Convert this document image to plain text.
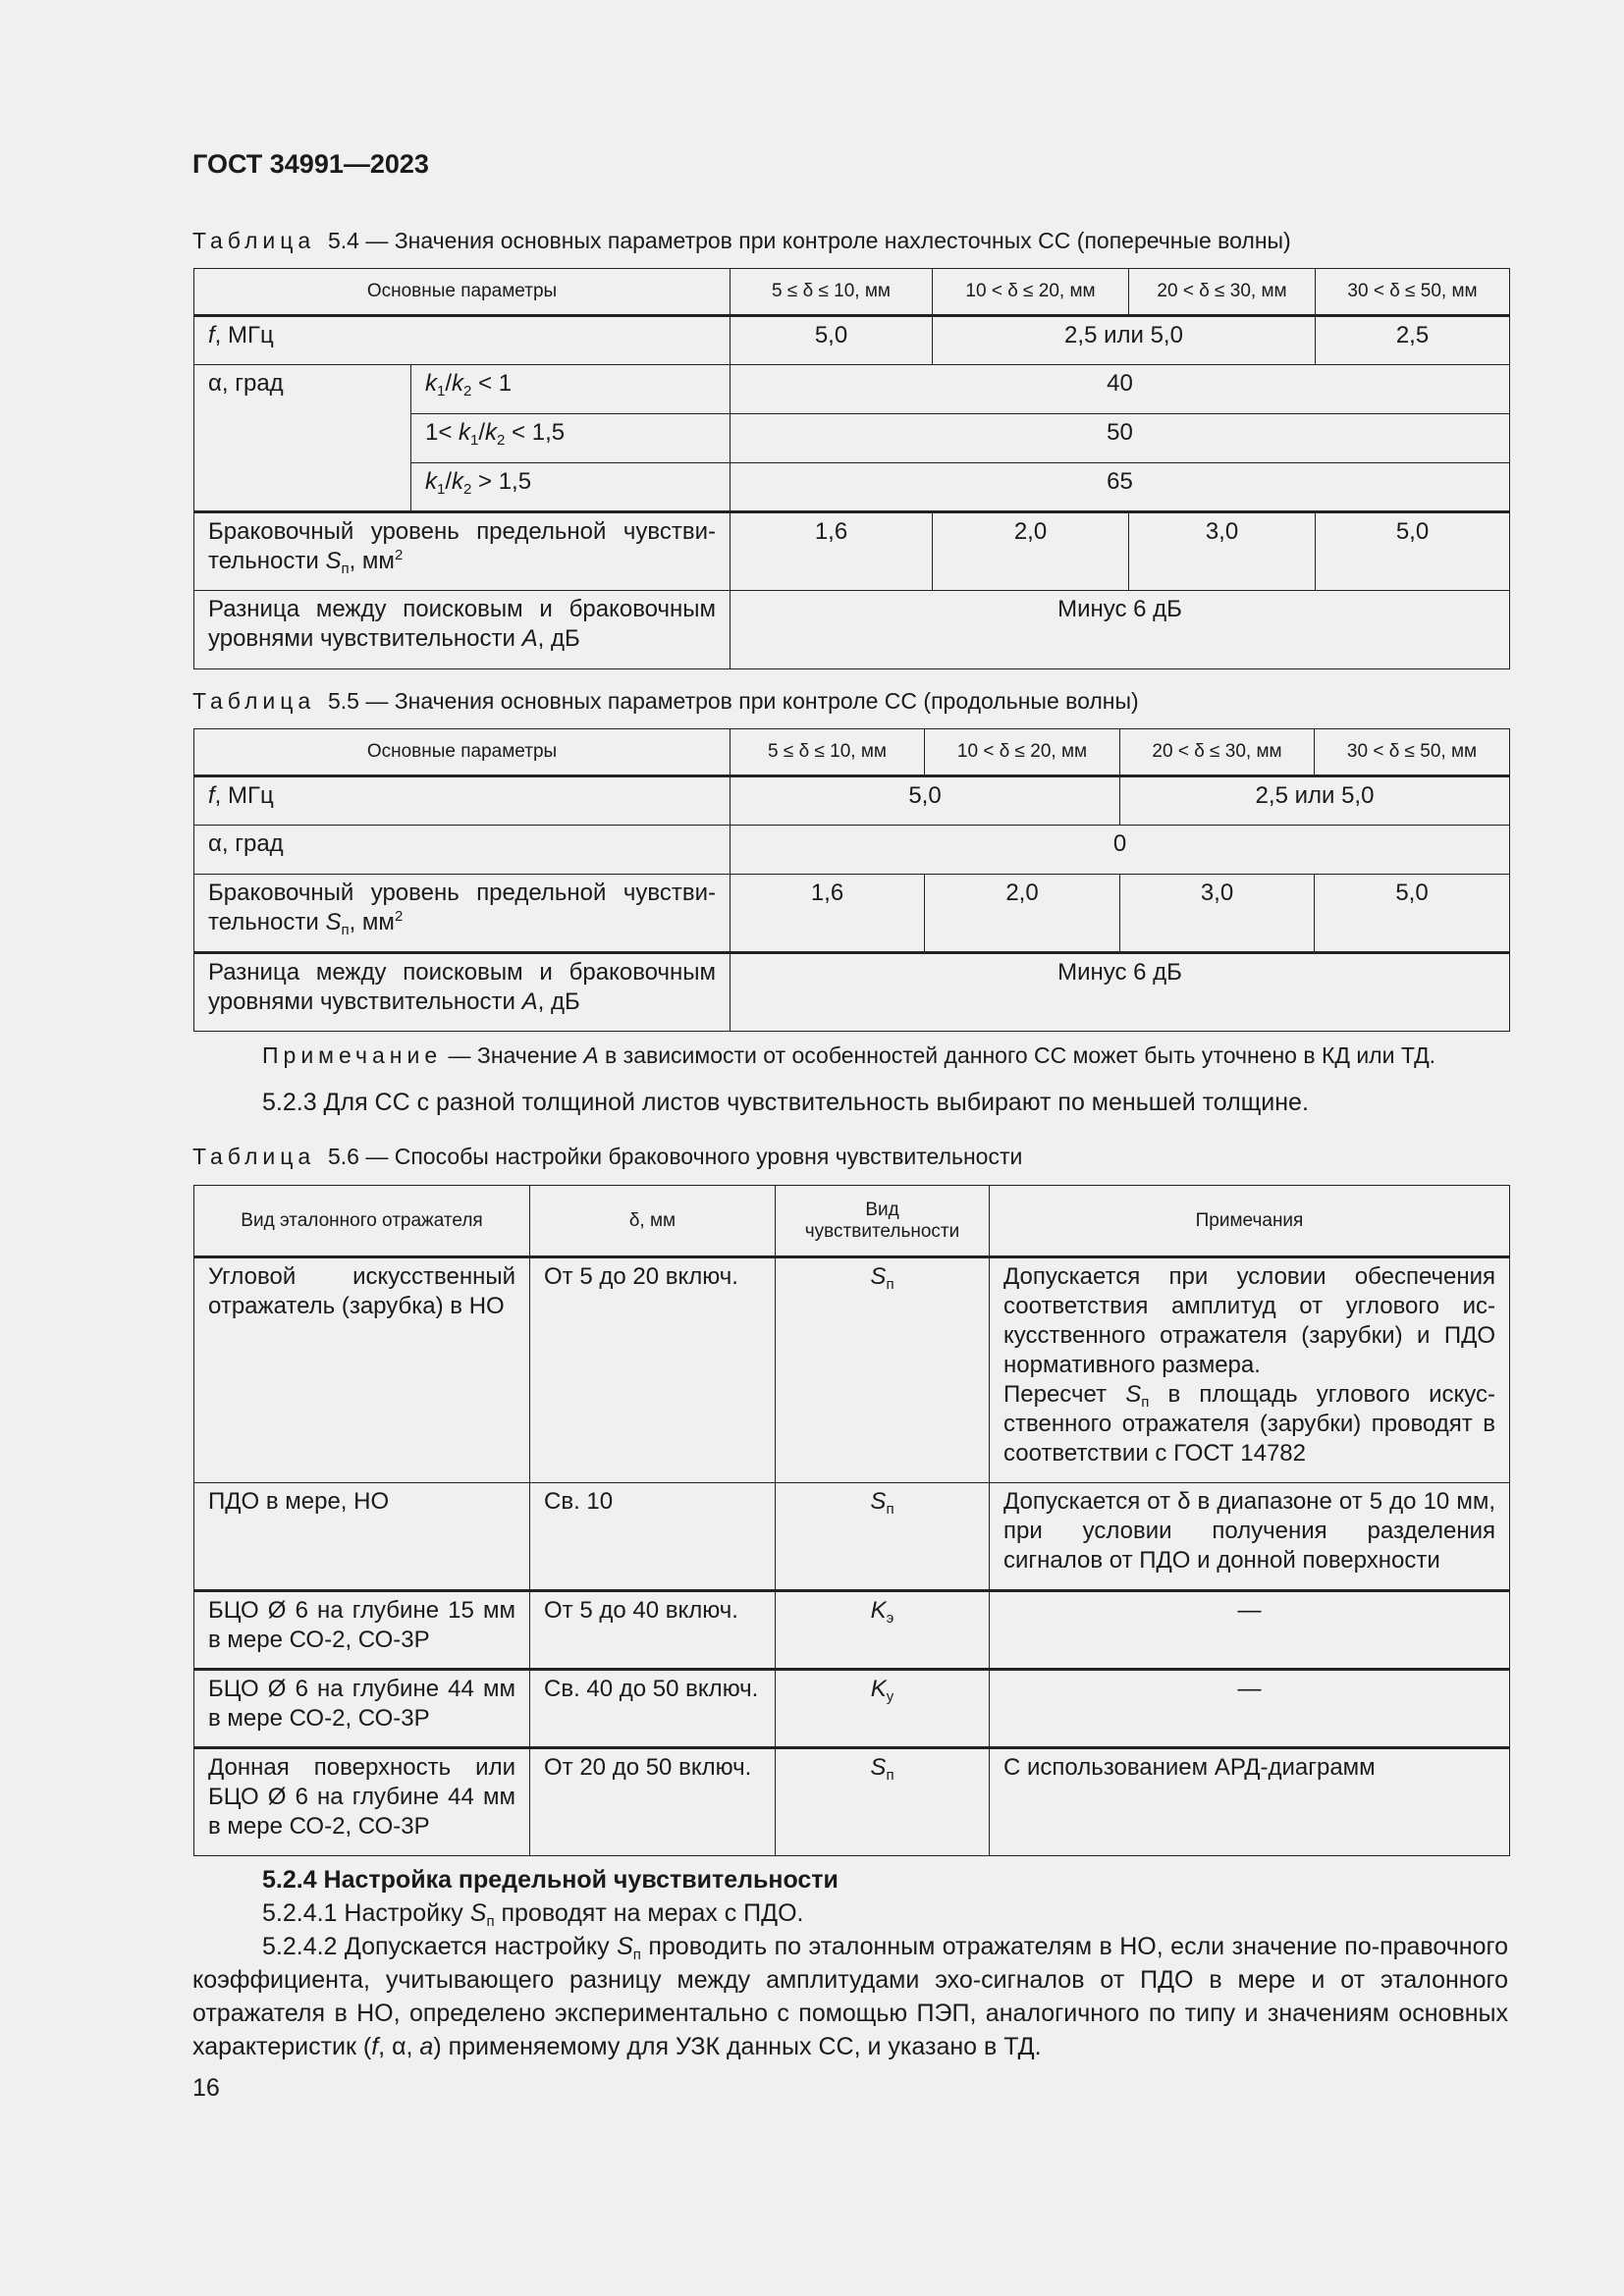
ГОСТ 34991—2023
Таблица 5.4 — Значения основных параметров при контроле нахлесточных СС (поперечные волны)
Основные параметры		5 ≤ δ ≤ 10, мм	10 < δ ≤ 20, мм	20 < δ ≤ 30, мм	30 < δ ≤ 50, мм
f, МГц		5,0	2,5 или 5,0		2,5
α, град	$k_1/k_2 < 1$	40			
	$1< k_1/k_2 < 1,5$	50			
	$k_1/k_2 > 1,5$	65			
Браковочный уровень предельной чувстви-тельности $S_п$, $мм^2$		1,6	2,0	3,0	5,0
Разница между поисковым и браковочным уровнями чувствительности A, дБ		Минус 6 дБ			
Таблица 5.5 — Значения основных параметров при контроле СС (продольные волны)
Основные параметры	5 ≤ δ ≤ 10, мм	10 < δ ≤ 20, мм	20 < δ ≤ 30, мм	30 < δ ≤ 50, мм
f, МГц	5,0		2,5 или 5,0	
α, град	0			
Браковочный уровень предельной чувстви-тельности $S_п$, $мм^2$	1,6	2,0	3,0	5,0
Разница между поисковым и браковочным уровнями чувствительности A, дБ	Минус 6 дБ			
Примечание — Значение A в зависимости от особенностей данного СС может быть уточнено в КД или ТД.
5.2.3 Для СС с разной толщиной листов чувствительность выбирают по меньшей толщине.
Таблица 5.6 — Способы настройки браковочного уровня чувствительности
Вид эталонного отражателя	δ, мм	Вид чувствительности	Примечания
Угловой искусственный отражатель (зарубка) в НО	От 5 до 20 включ.	$S_п$	Допускается при условии обеспечения соответствия амплитуд от углового ис-кусственного отражателя (зарубки) и ПДО нормативного размера.
Пересчет $S_п$ в площадь углового искус-ственного отражателя (зарубки) проводят в соответствии с ГОСТ 14782

ПДО в мере, НО	Св. 10	$S_п$	Допускается от δ в диапазоне от 5 до 10 мм, при условии получения разделения сигналов от ПДО и донной поверхности
БЦО Ø 6 на глубине 15 мм в мере СО-2, СО-3Р	От 5 до 40 включ.	$K_э$	—
БЦО Ø 6 на глубине 44 мм в мере СО-2, СО-3Р	Св. 40 до 50 включ.	$K_у$	—
Донная поверхность или БЦО Ø 6 на глубине 44 мм в мере СО-2, СО-3Р	От 20 до 50 включ.	$S_п$	С использованием АРД-диаграмм
5.2.4 Настройка предельной чувствительности
5.2.4.1 Настройку $S_п$ проводят на мерах с ПДО.
5.2.4.2 Допускается настройку $S_п$ проводить по эталонным отражателям в НО, если значение по-правочного коэффициента, учитывающего разницу между амплитудами эхо-сигналов от ПДО в мере и от эталонного отражателя в НО, определено экспериментально с помощью ПЭП, аналогичного по типу и значениям основных характеристик (f, α, a) применяемому для УЗК данных СС, и указано в ТД.
16
